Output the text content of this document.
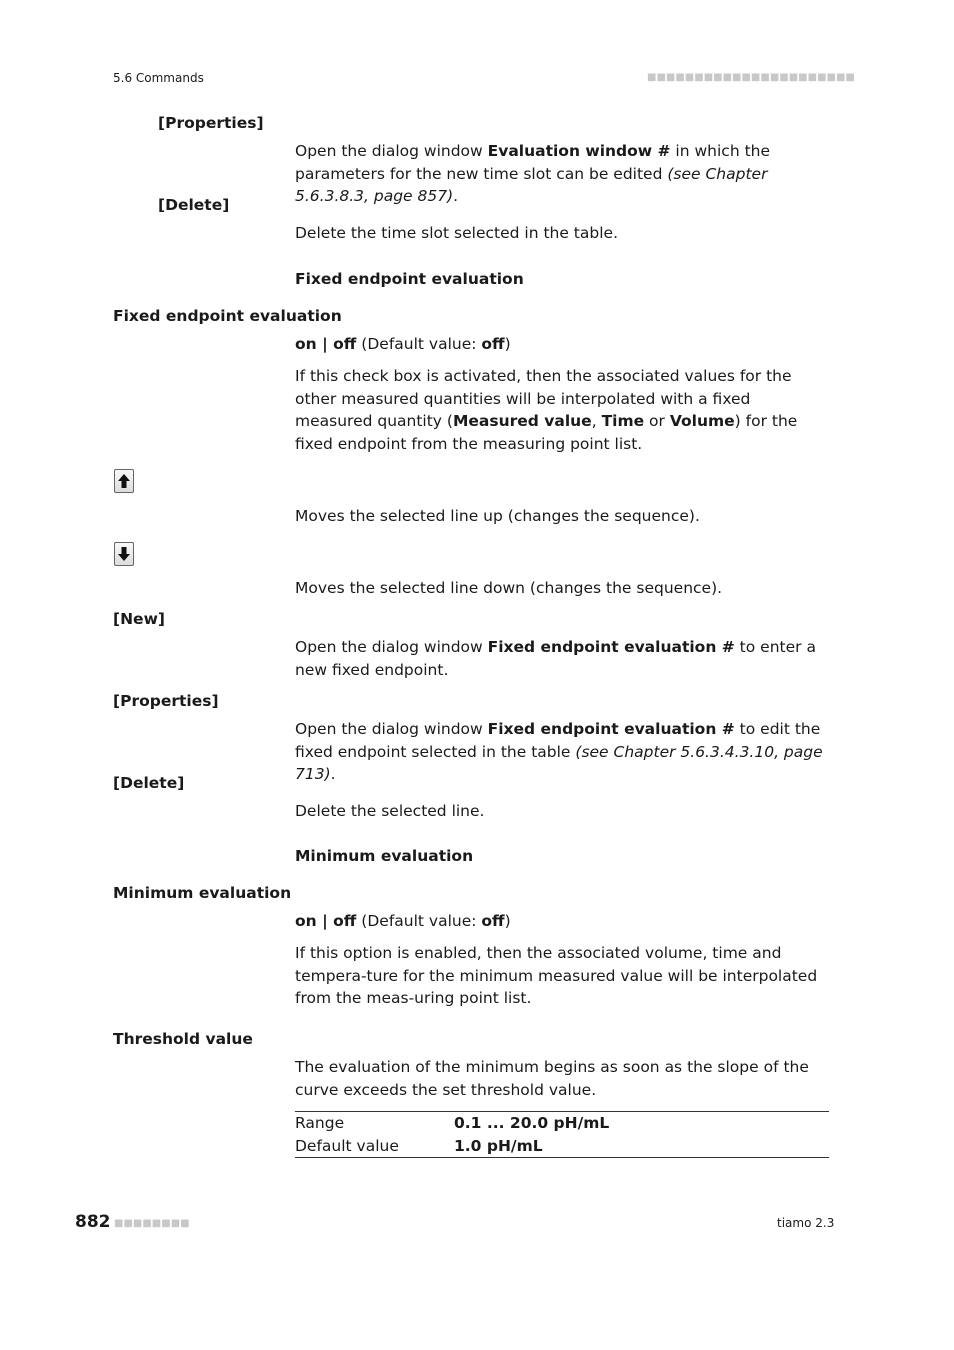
5.6 Commands	■■■■■■■■■■■■■■■■■■■■■■
[Properties]
Open the dialog window Evaluation window # in which the parameters for the new time slot can be edited (see Chapter 5.6.3.8.3, page 857).
[Delete]
Delete the time slot selected in the table.
Fixed endpoint evaluation
Fixed endpoint evaluation
on | off (Default value: off)
If this check box is activated, then the associated values for the other measured quantities will be interpolated with a fixed measured quantity (Measured value, Time or Volume) for the fixed endpoint from the measuring point list.
Moves the selected line up (changes the sequence).
Moves the selected line down (changes the sequence).
[New]
Open the dialog window Fixed endpoint evaluation # to enter a new fixed endpoint.
[Properties]
Open the dialog window Fixed endpoint evaluation # to edit the fixed endpoint selected in the table (see Chapter 5.6.3.4.3.10, page 713).
[Delete]
Delete the selected line.
Minimum evaluation
Minimum evaluation
on | off (Default value: off)
If this option is enabled, then the associated volume, time and tempera-ture for the minimum measured value will be interpolated from the meas-uring point list.
Threshold value
The evaluation of the minimum begins as soon as the slope of the curve exceeds the set threshold value.
Range	0.1 ... 20.0 pH/mL
Default value	1.0 pH/mL
882 ■■■■■■■■	tiamo 2.3
